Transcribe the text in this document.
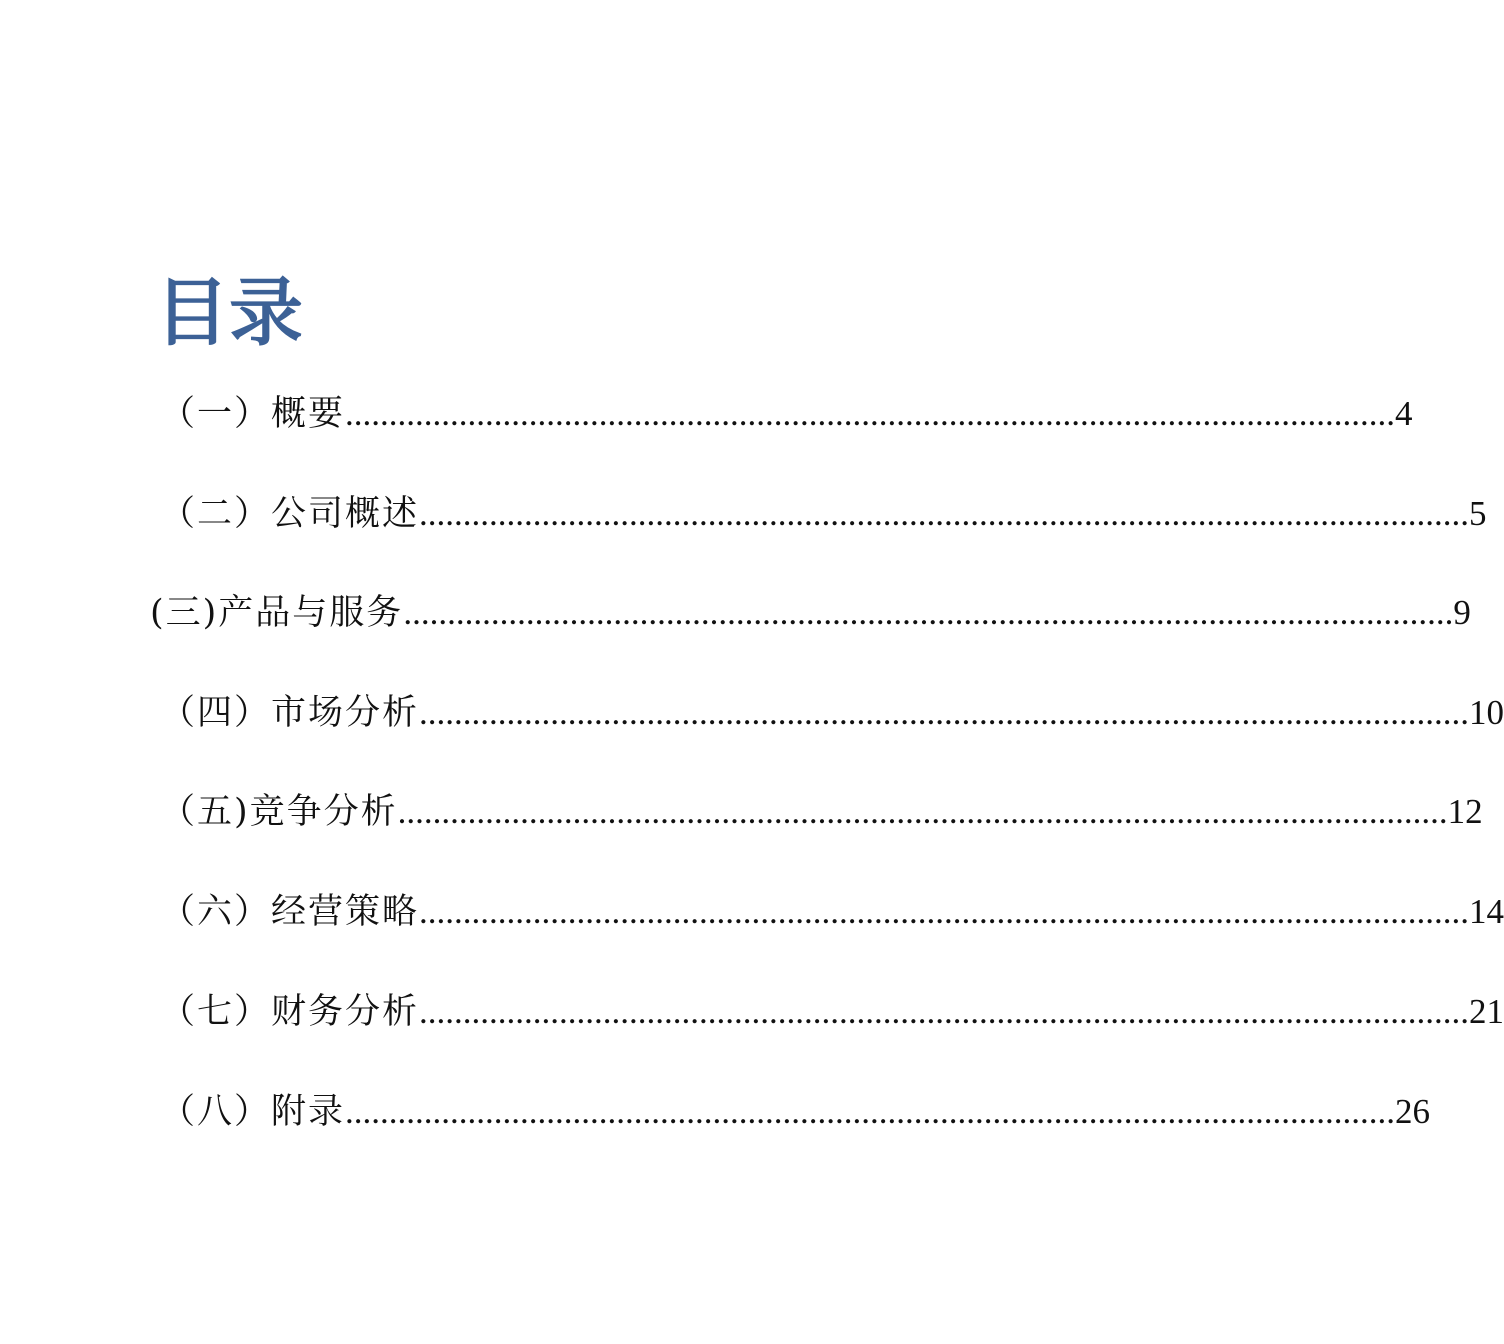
目录
（一）概要 ........................................................................................................................ 4
（二）公司概述 ........................................................................................................................ 5
(三)产品与服务 ........................................................................................................................ 9
（四）市场分析 ........................................................................................................................ 10
（五)竞争分析 ........................................................................................................................ 12
（六）经营策略 ........................................................................................................................ 14
（七）财务分析 ........................................................................................................................ 21
（八）附录 ........................................................................................................................ 26
